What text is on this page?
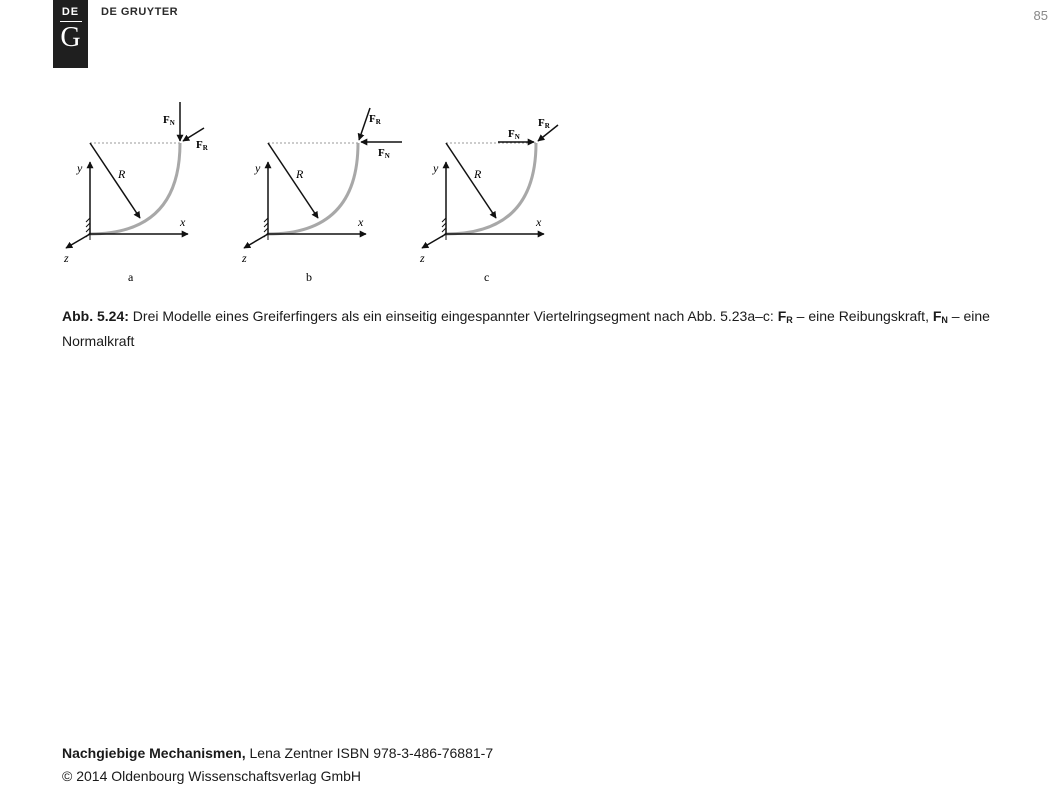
DE
G
DE GRUYTER	85
FN
FR
x
y
z
R
a
FR
FN
x
y
z
R
b
FN
FR
x
y
z
R
c
Abb. 5.24: Drei Modelle eines Greiferfingers als ein einseitig eingespannter Viertelringsegment nach Abb. 5.23a–c: $F_R$ – eine Reibungskraft, $F_N$ – eine Normalkraft
Nachgiebige Mechanismen, Lena Zentner ISBN 978-3-486-76881-7
© 2014 Oldenbourg Wissenschaftsverlag GmbH
